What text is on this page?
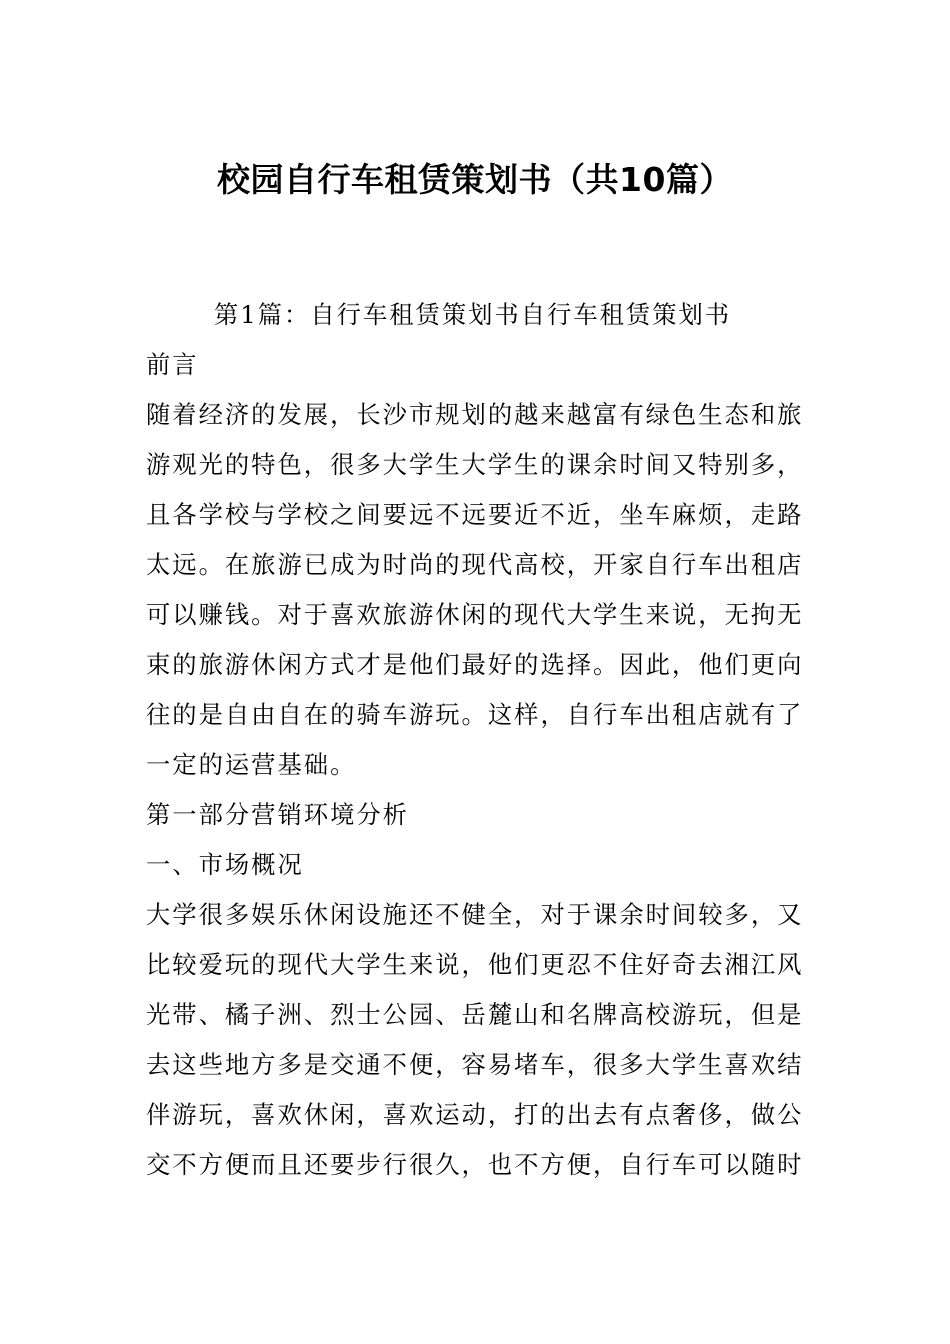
校园自行车租赁策划书（共10篇）

第1篇：自行车租赁策划书自行车租赁策划书

前言

随着经济的发展，长沙市规划的越来越富有绿色生态和旅游观光的特色，很多大学生大学生的课余时间又特别多，且各学校与学校之间要远不远要近不近，坐车麻烦，走路太远。在旅游已成为时尚的现代高校，开家自行车出租店可以赚钱。对于喜欢旅游休闲的现代大学生来说，无拘无束的旅游休闲方式才是他们最好的选择。因此，他们更向往的是自由自在的骑车游玩。这样，自行车出租店就有了一定的运营基础。

第一部分营销环境分析

一、市场概况

大学很多娱乐休闲设施还不健全，对于课余时间较多，又比较爱玩的现代大学生来说，他们更忍不住好奇去湘江风光带、橘子洲、烈士公园、岳麓山和名牌高校游玩，但是去这些地方多是交通不便，容易堵车，很多大学生喜欢结伴游玩，喜欢休闲，喜欢运动，打的出去有点奢侈，做公交不方便而且还要步行很久，也不方便，自行车可以随时
